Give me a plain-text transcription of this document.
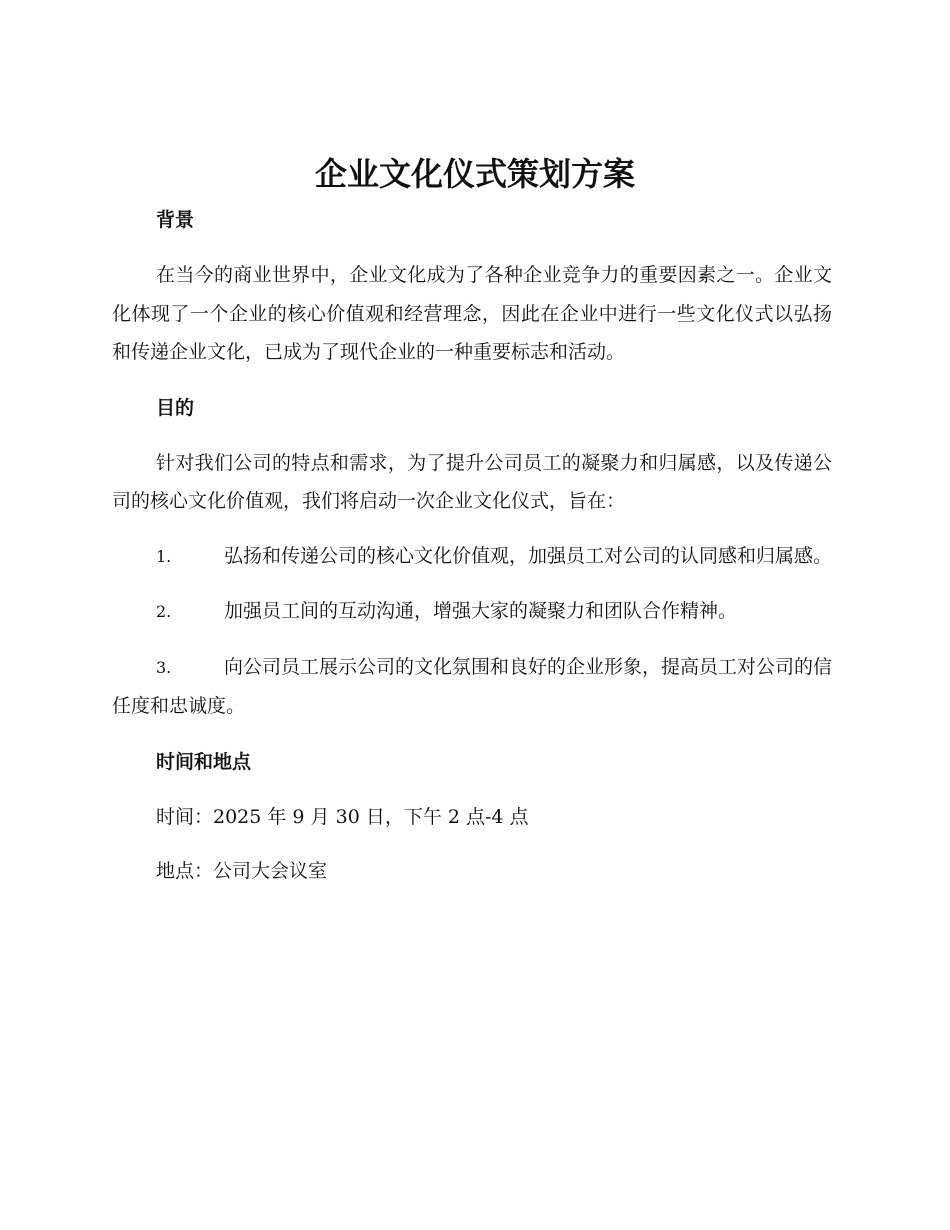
企业文化仪式策划方案

背景

在当今的商业世界中，企业文化成为了各种企业竞争力的重要因素之一。企业文化体现了一个企业的核心价值观和经营理念，因此在企业中进行一些文化仪式以弘扬和传递企业文化，已成为了现代企业的一种重要标志和活动。

目的

针对我们公司的特点和需求，为了提升公司员工的凝聚力和归属感，以及传递公司的核心文化价值观，我们将启动一次企业文化仪式，旨在：

1.	弘扬和传递公司的核心文化价值观，加强员工对公司的认同感和归属感。

2.	加强员工间的互动沟通，增强大家的凝聚力和团队合作精神。

3.	向公司员工展示公司的文化氛围和良好的企业形象，提高员工对公司的信任度和忠诚度。

时间和地点

时间：2025 年 9 月 30 日，下午 2 点-4 点

地点：公司大会议室
